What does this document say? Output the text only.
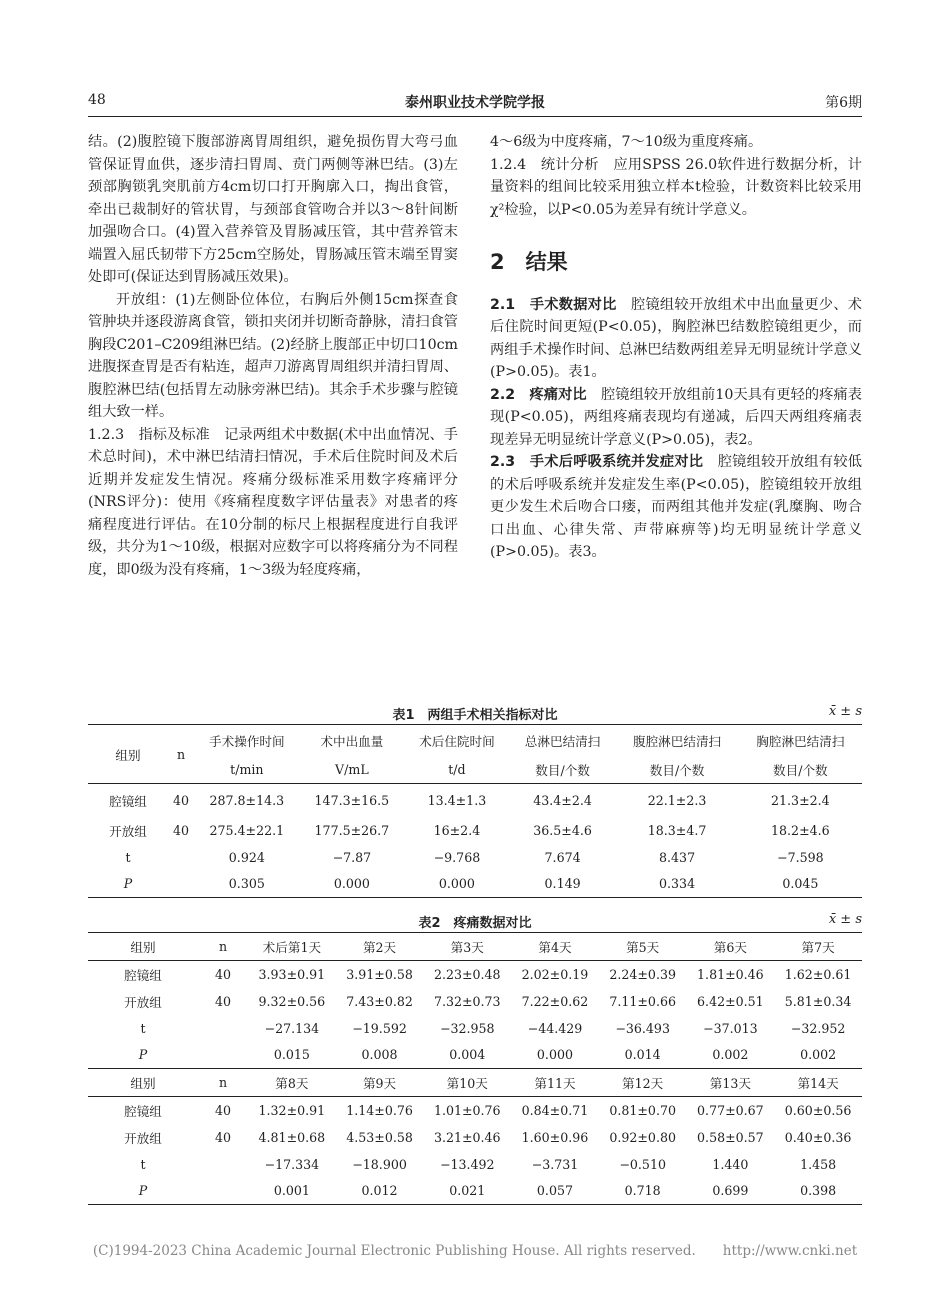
48	泰州职业技术学院学报	第6期

结。(2)腹腔镜下腹部游离胃周组织，避免损伤胃大弯弓血管保证胃血供，逐步清扫胃周、贲门两侧等淋巴结。(3)左颈部胸锁乳突肌前方4cm切口打开胸廓入口，掏出食管，牵出已裁制好的管状胃，与颈部食管吻合并以3～8针间断加强吻合口。(4)置入营养管及胃肠减压管，其中营养管末端置入屈氏韧带下方25cm空肠处，胃肠减压管末端至胃窦处即可(保证达到胃肠减压效果)。

开放组：(1)左侧卧位体位，右胸后外侧15cm探查食管肿块并逐段游离食管，锁扣夹闭并切断奇静脉，清扫食管胸段C201–C209组淋巴结。(2)经脐上腹部正中切口10cm进腹探查胃是否有粘连，超声刀游离胃周组织并清扫胃周、腹腔淋巴结(包括胃左动脉旁淋巴结)。其余手术步骤与腔镜组大致一样。

1.2.3　指标及标准　 记录两组术中数据(术中出血情况、手术总时间)，术中淋巴结清扫情况，手术后住院时间及术后近期并发症发生情况。疼痛分级标准采用数字疼痛评分(NRS评分)：使用《疼痛程度数字评估量表》对患者的疼痛程度进行评估。在10分制的标尺上根据程度进行自我评级，共分为1～10级，根据对应数字可以将疼痛分为不同程度，即0级为没有疼痛，1～3级为轻度疼痛，

4～6级为中度疼痛，7～10级为重度疼痛。

1.2.4　统计分析　 应用SPSS 26.0软件进行数据分析，计量资料的组间比较采用独立样本t检验，计数资料比较采用χ²检验，以P<0.05为差异有统计学意义。

2　结果

2.1　手术数据对比　 腔镜组较开放组术中出血量更少、术后住院时间更短(P<0.05)，胸腔淋巴结数腔镜组更少，而两组手术操作时间、总淋巴结数两组差异无明显统计学意义(P>0.05)。表1。

2.2　疼痛对比　 腔镜组较开放组前10天具有更轻的疼痛表现(P<0.05)，两组疼痛表现均有递减，后四天两组疼痛表现差异无明显统计学意义(P>0.05)，表2。

2.3　手术后呼吸系统并发症对比　 腔镜组较开放组有较低的术后呼吸系统并发症发生率(P<0.05)，腔镜组较开放组更少发生术后吻合口瘘，而两组其他并发症(乳糜胸、吻合口出血、心律失常、声带麻痹等)均无明显统计学意义(P>0.05)。表3。

表1　两组手术相关指标对比	x̄ ± s
组别	n	手术操作时间	术中出血量	术后住院时间	总淋巴结清扫	腹腔淋巴结清扫	胸腔淋巴结清扫
		t/min	V/mL	t/d	数目/个数	数目/个数	数目/个数
腔镜组	40	287.8±14.3	147.3±16.5	13.4±1.3	43.4±2.4	22.1±2.3	21.3±2.4
开放组	40	275.4±22.1	177.5±26.7	16±2.4	36.5±4.6	18.3±4.7	18.2±4.6
t		0.924	−7.87	−9.768	7.674	8.437	−7.598
P		0.305	0.000	0.000	0.149	0.334	0.045
表2　疼痛数据对比	x̄ ± s
组别	n	术后第1天	第2天	第3天	第4天	第5天	第6天	第7天
腔镜组	40	3.93±0.91	3.91±0.58	2.23±0.48	2.02±0.19	2.24±0.39	1.81±0.46	1.62±0.61
开放组	40	9.32±0.56	7.43±0.82	7.32±0.73	7.22±0.62	7.11±0.66	6.42±0.51	5.81±0.34
t		−27.134	−19.592	−32.958	−44.429	−36.493	−37.013	−32.952
P		0.015	0.008	0.004	0.000	0.014	0.002	0.002
组别	n	第8天	第9天	第10天	第11天	第12天	第13天	第14天
腔镜组	40	1.32±0.91	1.14±0.76	1.01±0.76	0.84±0.71	0.81±0.70	0.77±0.67	0.60±0.56
开放组	40	4.81±0.68	4.53±0.58	3.21±0.46	1.60±0.96	0.92±0.80	0.58±0.57	0.40±0.36
t		−17.334	−18.900	−13.492	−3.731	−0.510	1.440	1.458
P		0.001	0.012	0.021	0.057	0.718	0.699	0.398
(C)1994-2023 China Academic Journal Electronic Publishing House. All rights reserved.　　http://www.cnki.net
